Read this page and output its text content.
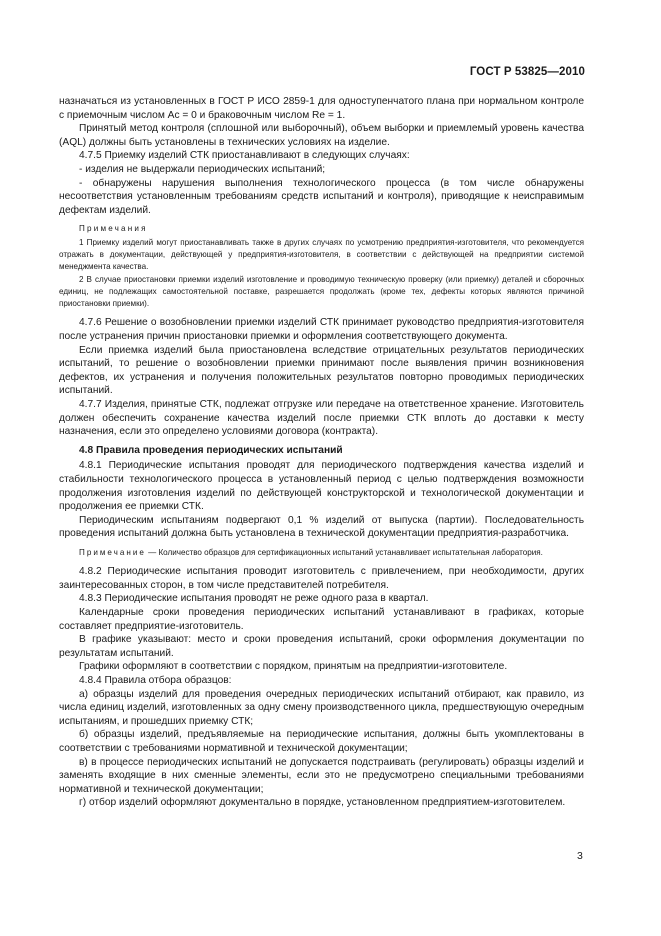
ГОСТ Р 53825—2010

назначаться из установленных в ГОСТ Р ИСО 2859-1 для одноступенчатого плана при нормальном контроле с приемочным числом Ac = 0 и браковочным числом Re = 1.

Принятый метод контроля (сплошной или выборочный), объем выборки и приемлемый уровень качества (AQL) должны быть установлены в технических условиях на изделие.

4.7.5 Приемку изделий СТК приостанавливают в следующих случаях:

- изделия не выдержали периодических испытаний;

- обнаружены нарушения выполнения технологического процесса (в том числе обнаружены несоответствия установленным требованиям средств испытаний и контроля), приводящие к неисправимым дефектам изделий.

Примечания

1 Приемку изделий могут приостанавливать также в других случаях по усмотрению предприятия-изготовителя, что рекомендуется отражать в документации, действующей у предприятия-изготовителя, в соответствии с действующей на предприятии системой менеджмента качества.

2 В случае приостановки приемки изделий изготовление и проводимую техническую проверку (или приемку) деталей и сборочных единиц, не подлежащих самостоятельной поставке, разрешается продолжать (кроме тех, дефекты которых являются причиной приостановки приемки).

4.7.6 Решение о возобновлении приемки изделий СТК принимает руководство предприятия-изготовителя после устранения причин приостановки приемки и оформления соответствующего документа.

Если приемка изделий была приостановлена вследствие отрицательных результатов периодических испытаний, то решение о возобновлении приемки принимают после выявления причин возникновения дефектов, их устранения и получения положительных результатов повторно проводимых периодических испытаний.

4.7.7 Изделия, принятые СТК, подлежат отгрузке или передаче на ответственное хранение. Изготовитель должен обеспечить сохранение качества изделий после приемки СТК вплоть до доставки к месту назначения, если это определено условиями договора (контракта).

4.8 Правила проведения периодических испытаний

4.8.1 Периодические испытания проводят для периодического подтверждения качества изделий и стабильности технологического процесса в установленный период с целью подтверждения возможности продолжения изготовления изделий по действующей конструкторской и технологической документации и продолжения ее приемки СТК.

Периодическим испытаниям подвергают 0,1 % изделий от выпуска (партии). Последовательность проведения испытаний должна быть установлена в технической документации предприятия-разработчика.

Примечание — Количество образцов для сертификационных испытаний устанавливает испытательная лаборатория.

4.8.2 Периодические испытания проводит изготовитель с привлечением, при необходимости, других заинтересованных сторон, в том числе представителей потребителя.

4.8.3 Периодические испытания проводят не реже одного раза в квартал.

Календарные сроки проведения периодических испытаний устанавливают в графиках, которые составляет предприятие-изготовитель.

В графике указывают: место и сроки проведения испытаний, сроки оформления документации по результатам испытаний.

Графики оформляют в соответствии с порядком, принятым на предприятии-изготовителе.

4.8.4 Правила отбора образцов:

а) образцы изделий для проведения очередных периодических испытаний отбирают, как правило, из числа единиц изделий, изготовленных за одну смену производственного цикла, предшествующую очередным испытаниям, и прошедших приемку СТК;

б) образцы изделий, предъявляемые на периодические испытания, должны быть укомплектованы в соответствии с требованиями нормативной и технической документации;

в) в процессе периодических испытаний не допускается подстраивать (регулировать) образцы изделий и заменять входящие в них сменные элементы, если это не предусмотрено специальными требованиями нормативной и технической документации;

г) отбор изделий оформляют документально в порядке, установленном предприятием-изготовителем.

3
